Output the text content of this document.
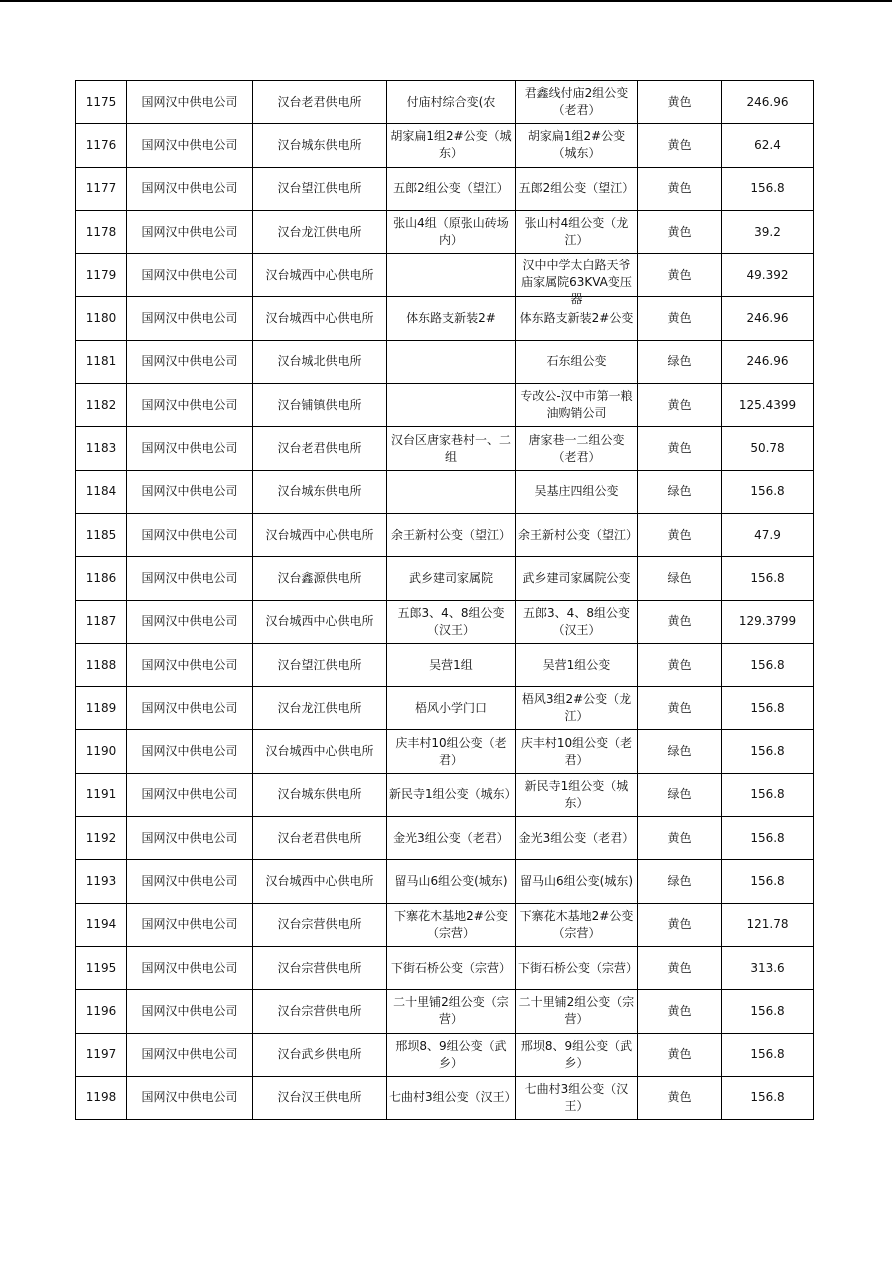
1175	国网汉中供电公司	汉台老君供电所	付庙村综合变(农	君鑫线付庙2组公变（老君）	黄色	246.96

1176	国网汉中供电公司	汉台城东供电所	胡家扁1组2#公变（城东）	胡家扁1组2#公变（城东）	黄色	62.4

1177	国网汉中供电公司	汉台望江供电所	五郎2组公变（望江）	五郎2组公变（望江）	黄色	156.8

1178	国网汉中供电公司	汉台龙江供电所	张山4组（原张山砖场内）	张山村4组公变（龙江）	黄色	39.2

1179	国网汉中供电公司	汉台城西中心供电所		汉中中学太白路天爷庙家属院63KVA变压器	黄色	49.392

1180	国网汉中供电公司	汉台城西中心供电所	体东路支新装2#	体东路支新装2#公变	黄色	246.96

1181	国网汉中供电公司	汉台城北供电所		石东组公变	绿色	246.96

1182	国网汉中供电公司	汉台铺镇供电所		专改公-汉中市第一粮油购销公司	黄色	125.4399

1183	国网汉中供电公司	汉台老君供电所	汉台区唐家巷村一、二组	唐家巷一二组公变（老君）	黄色	50.78

1184	国网汉中供电公司	汉台城东供电所		吴基庄四组公变	绿色	156.8

1185	国网汉中供电公司	汉台城西中心供电所	余王新村公变（望江）	余王新村公变（望江）	黄色	47.9

1186	国网汉中供电公司	汉台鑫源供电所	武乡建司家属院	武乡建司家属院公变	绿色	156.8

1187	国网汉中供电公司	汉台城西中心供电所	五郎3、4、8组公变（汉王）	五郎3、4、8组公变（汉王）	黄色	129.3799

1188	国网汉中供电公司	汉台望江供电所	吴营1组	吴营1组公变	黄色	156.8

1189	国网汉中供电公司	汉台龙江供电所	梧风小学门口	梧风3组2#公变（龙江）	黄色	156.8

1190	国网汉中供电公司	汉台城西中心供电所	庆丰村10组公变（老君）	庆丰村10组公变（老君）	绿色	156.8

1191	国网汉中供电公司	汉台城东供电所	新民寺1组公变（城东）	新民寺1组公变（城东）	绿色	156.8

1192	国网汉中供电公司	汉台老君供电所	金光3组公变（老君）	金光3组公变（老君）	黄色	156.8

1193	国网汉中供电公司	汉台城西中心供电所	留马山6组公变(城东)	留马山6组公变(城东)	绿色	156.8

1194	国网汉中供电公司	汉台宗营供电所	下寨花木基地2#公变（宗营）	下寨花木基地2#公变（宗营）	黄色	121.78

1195	国网汉中供电公司	汉台宗营供电所	下街石桥公变（宗营）	下街石桥公变（宗营）	黄色	313.6

1196	国网汉中供电公司	汉台宗营供电所	二十里铺2组公变（宗营）	二十里铺2组公变（宗营）	黄色	156.8

1197	国网汉中供电公司	汉台武乡供电所	邢坝8、9组公变（武乡）	邢坝8、9组公变（武乡）	黄色	156.8

1198	国网汉中供电公司	汉台汉王供电所	七曲村3组公变（汉王）	七曲村3组公变（汉王）	黄色	156.8
